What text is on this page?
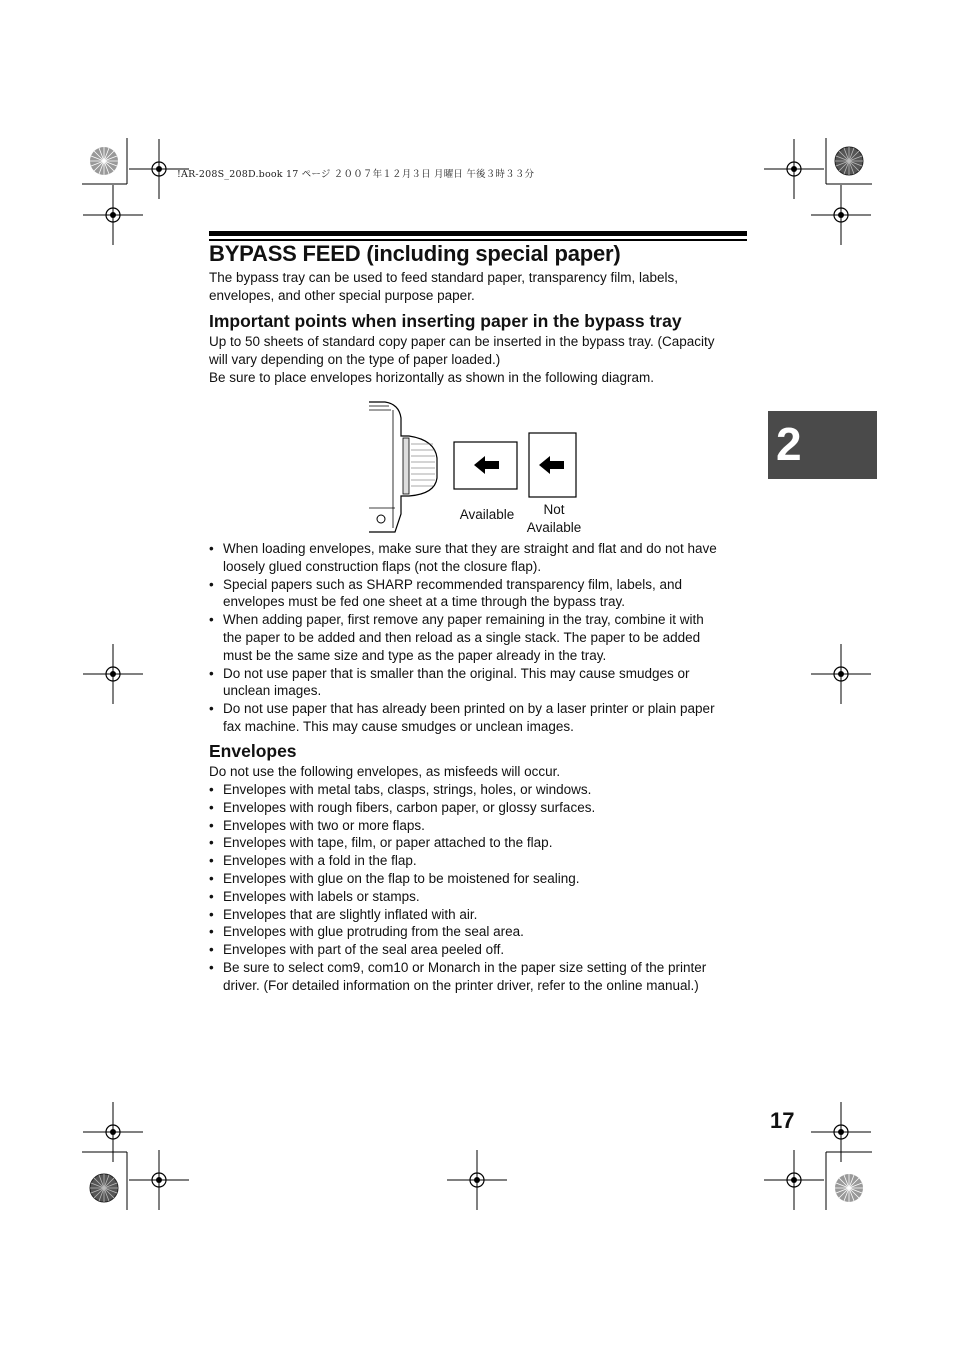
!AR-208S_208D.book 17 ページ ２００７年１２月３日 月曜日 午後３時３３分
BYPASS FEED (including special paper)

The bypass tray can be used to feed standard paper, transparency film, labels,
envelopes, and other special purpose paper.

Important points when inserting paper in the bypass tray

Up to 50 sheets of standard copy paper can be inserted in the bypass tray. (Capacity
will vary depending on the type of paper loaded.)
Be sure to place envelopes horizontally as shown in the following diagram.

Available	Not
Available
• When loading envelopes, make sure that they are straight and flat and do not have
loosely glued construction flaps (not the closure flap).
• Special papers such as SHARP recommended transparency film, labels, and
envelopes must be fed one sheet at a time through the bypass tray.
• When adding paper, first remove any paper remaining in the tray, combine it with
the paper to be added and then reload as a single stack. The paper to be added
must be the same size and type as the paper already in the tray.
• Do not use paper that is smaller than the original. This may cause smudges or
unclean images.
• Do not use paper that has already been printed on by a laser printer or plain paper
fax machine. This may cause smudges or unclean images.
Envelopes

Do not use the following envelopes, as misfeeds will occur.

• Envelopes with metal tabs, clasps, strings, holes, or windows.
• Envelopes with rough fibers, carbon paper, or glossy surfaces.
• Envelopes with two or more flaps.
• Envelopes with tape, film, or paper attached to the flap.
• Envelopes with a fold in the flap.
• Envelopes with glue on the flap to be moistened for sealing.
• Envelopes with labels or stamps.
• Envelopes that are slightly inflated with air.
• Envelopes with glue protruding from the seal area.
• Envelopes with part of the seal area peeled off.
• Be sure to select com9, com10 or Monarch in the paper size setting of the printer
driver. (For detailed information on the printer driver, refer to the online manual.)
2
17
